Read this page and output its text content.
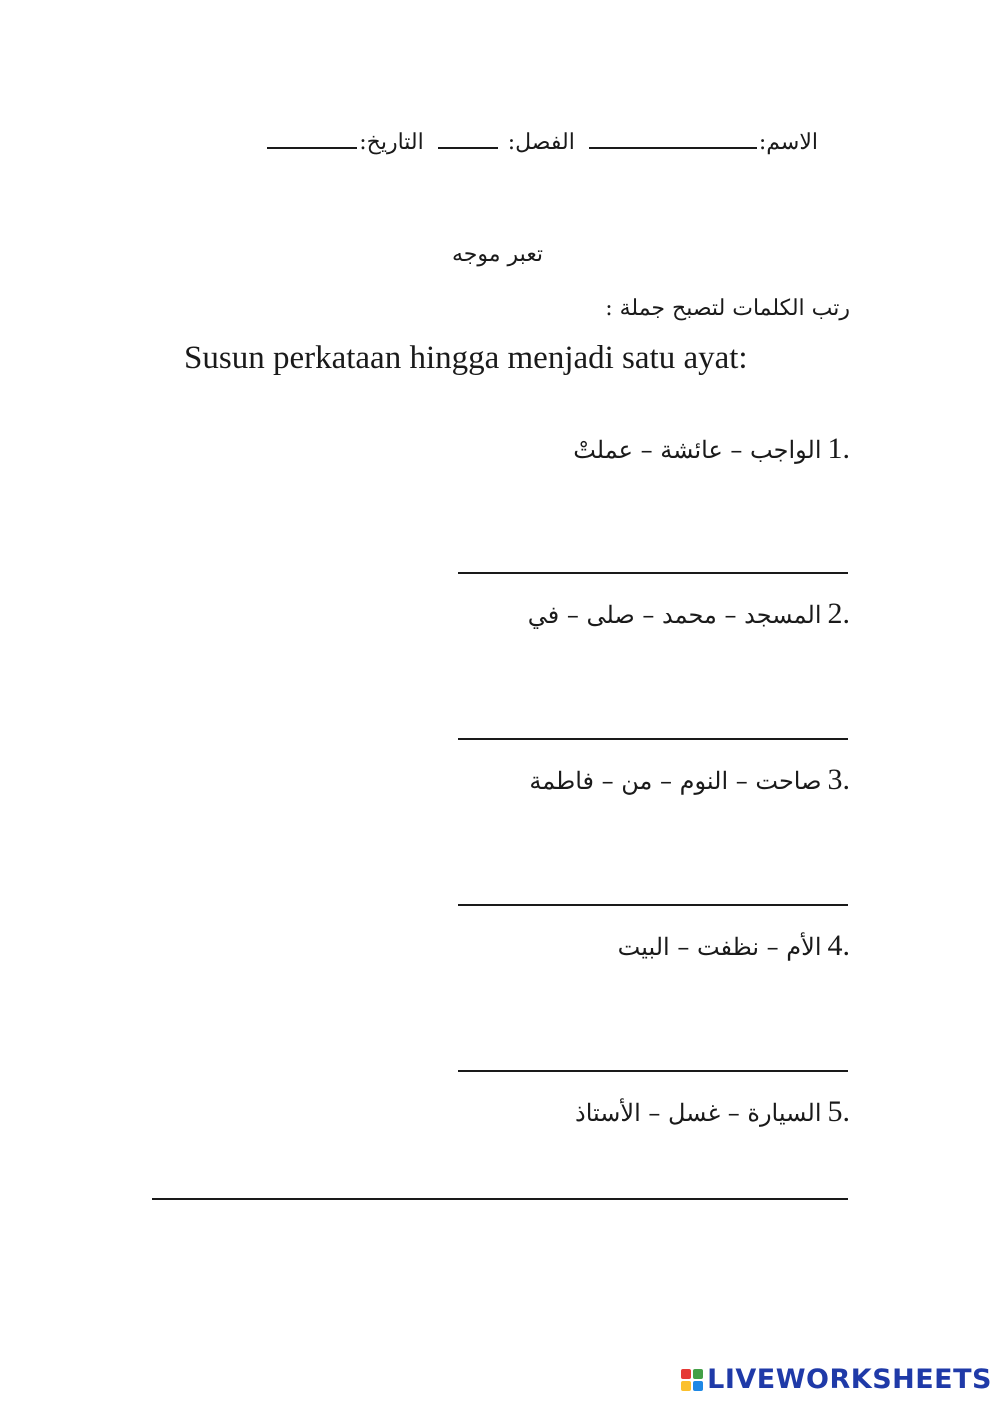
الاسم:
الفصل:
التاريخ:
تعبر موجه
رتب الكلمات لتصبح جملة :
Susun perkataan hingga menjadi satu ayat:
1.
الواجب – عائشة – عملتْ
2.
المسجد – محمد – صلى – في
3.
صاحت – النوم – من – فاطمة
4.
الأم – نظفت – البيت
5.
السيارة – غسل – الأستاذ
LIVEWORKSHEETS
